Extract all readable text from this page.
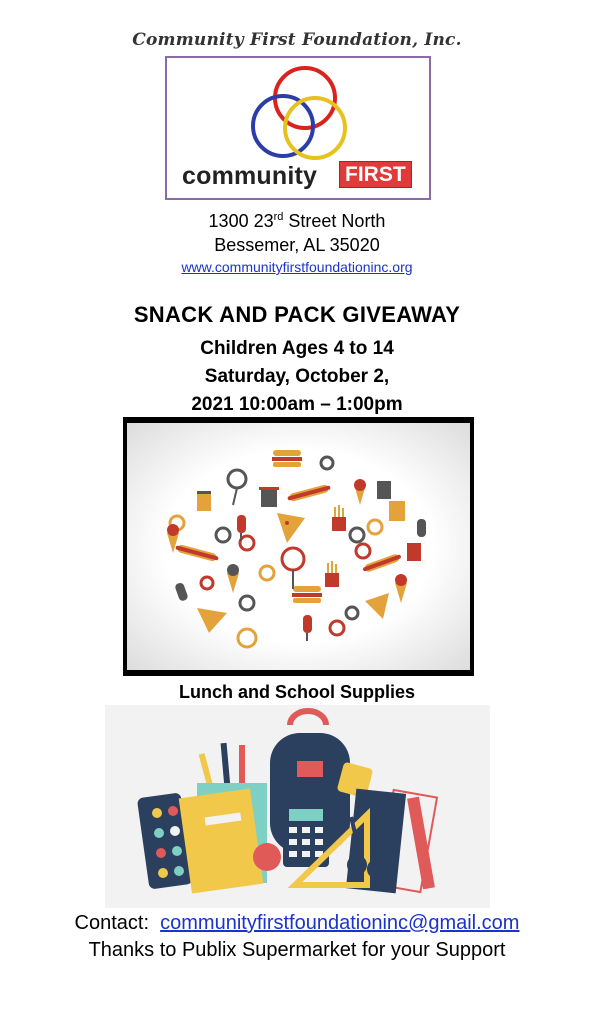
Community First Foundation, Inc.
community FIRST
1300 23rd Street North
Bessemer, AL 35020
www.communityfirstfoundationinc.org
SNACK AND PACK GIVEAWAY
Children Ages 4 to 14
Saturday, October 2,
2021 10:00am – 1:00pm
Lunch and School Supplies
Contact: communityfirstfoundationinc@gmail.com
Thanks to Publix Supermarket for your Support
